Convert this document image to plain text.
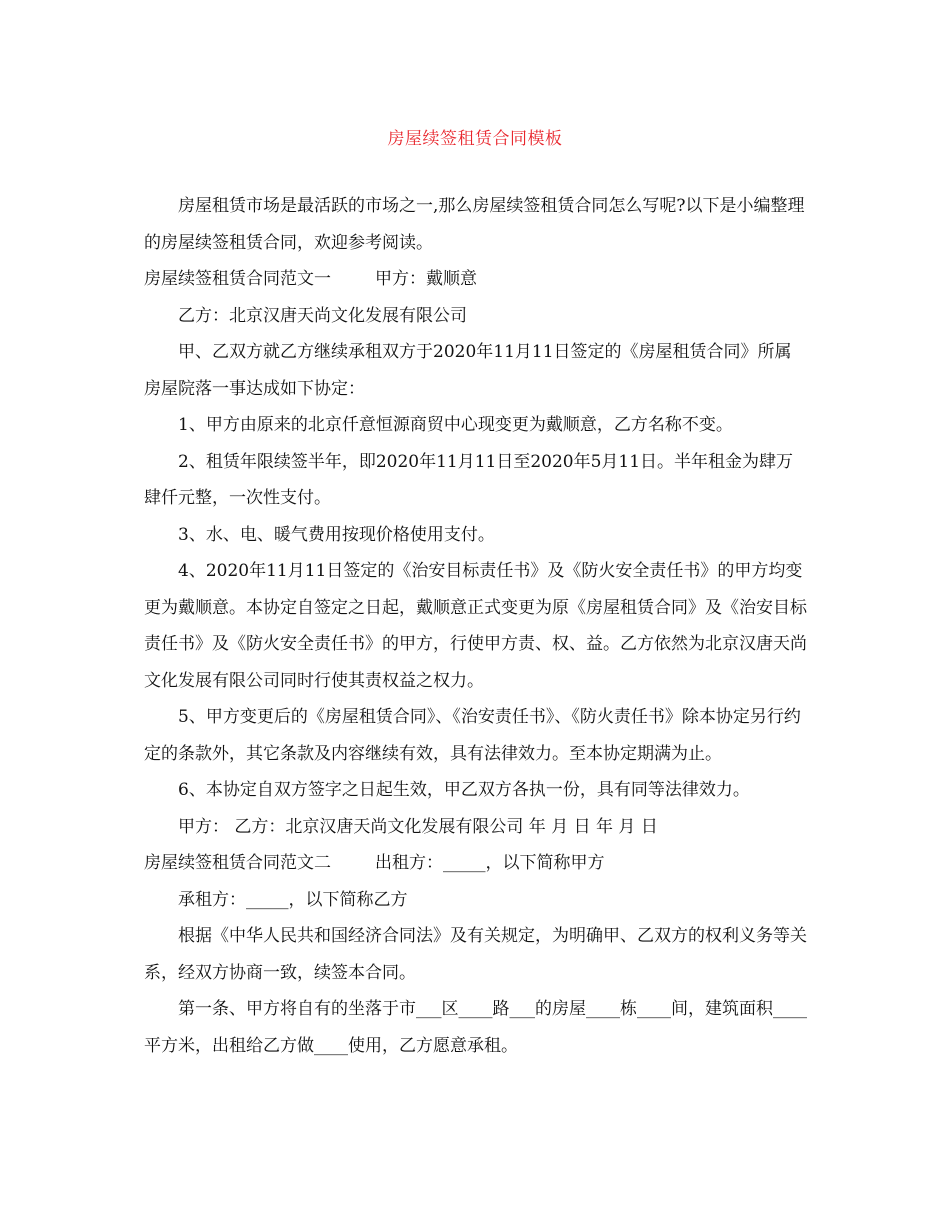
房屋续签租赁合同模板

房屋租赁市场是最活跃的市场之一,那么房屋续签租赁合同怎么写呢?以下是小编整理的房屋续签租赁合同，欢迎参考阅读。

房屋续签租赁合同范文一	甲方：戴顺意

乙方：北京汉唐天尚文化发展有限公司

甲、乙双方就乙方继续承租双方于2020年11月11日签定的《房屋租赁合同》所属房屋院落一事达成如下协定：

1、甲方由原来的北京仟意恒源商贸中心现变更为戴顺意，乙方名称不变。

2、租赁年限续签半年，即2020年11月11日至2020年5月11日。半年租金为肆万肆仟元整，一次性支付。

3、水、电、暖气费用按现价格使用支付。

4、2020年11月11日签定的《治安目标责任书》及《防火安全责任书》的甲方均变更为戴顺意。本协定自签定之日起，戴顺意正式变更为原《房屋租赁合同》及《治安目标责任书》及《防火安全责任书》的甲方，行使甲方责、权、益。乙方依然为北京汉唐天尚文化发展有限公司同时行使其责权益之权力。

5、甲方变更后的《房屋租赁合同》、《治安责任书》、《防火责任书》除本协定另行约定的条款外，其它条款及内容继续有效，具有法律效力。至本协定期满为止。

6、本协定自双方签字之日起生效，甲乙双方各执一份，具有同等法律效力。

甲方： 乙方：北京汉唐天尚文化发展有限公司 年 月 日 年 月 日

房屋续签租赁合同范文二	出租方：_____，以下简称甲方

承租方：_____，以下简称乙方

根据《中华人民共和国经济合同法》及有关规定，为明确甲、乙双方的权利义务等关系，经双方协商一致，续签本合同。

第一条、甲方将自有的坐落于市___区____路___的房屋____栋____间，建筑面积____平方米，出租给乙方做____使用，乙方愿意承租。
